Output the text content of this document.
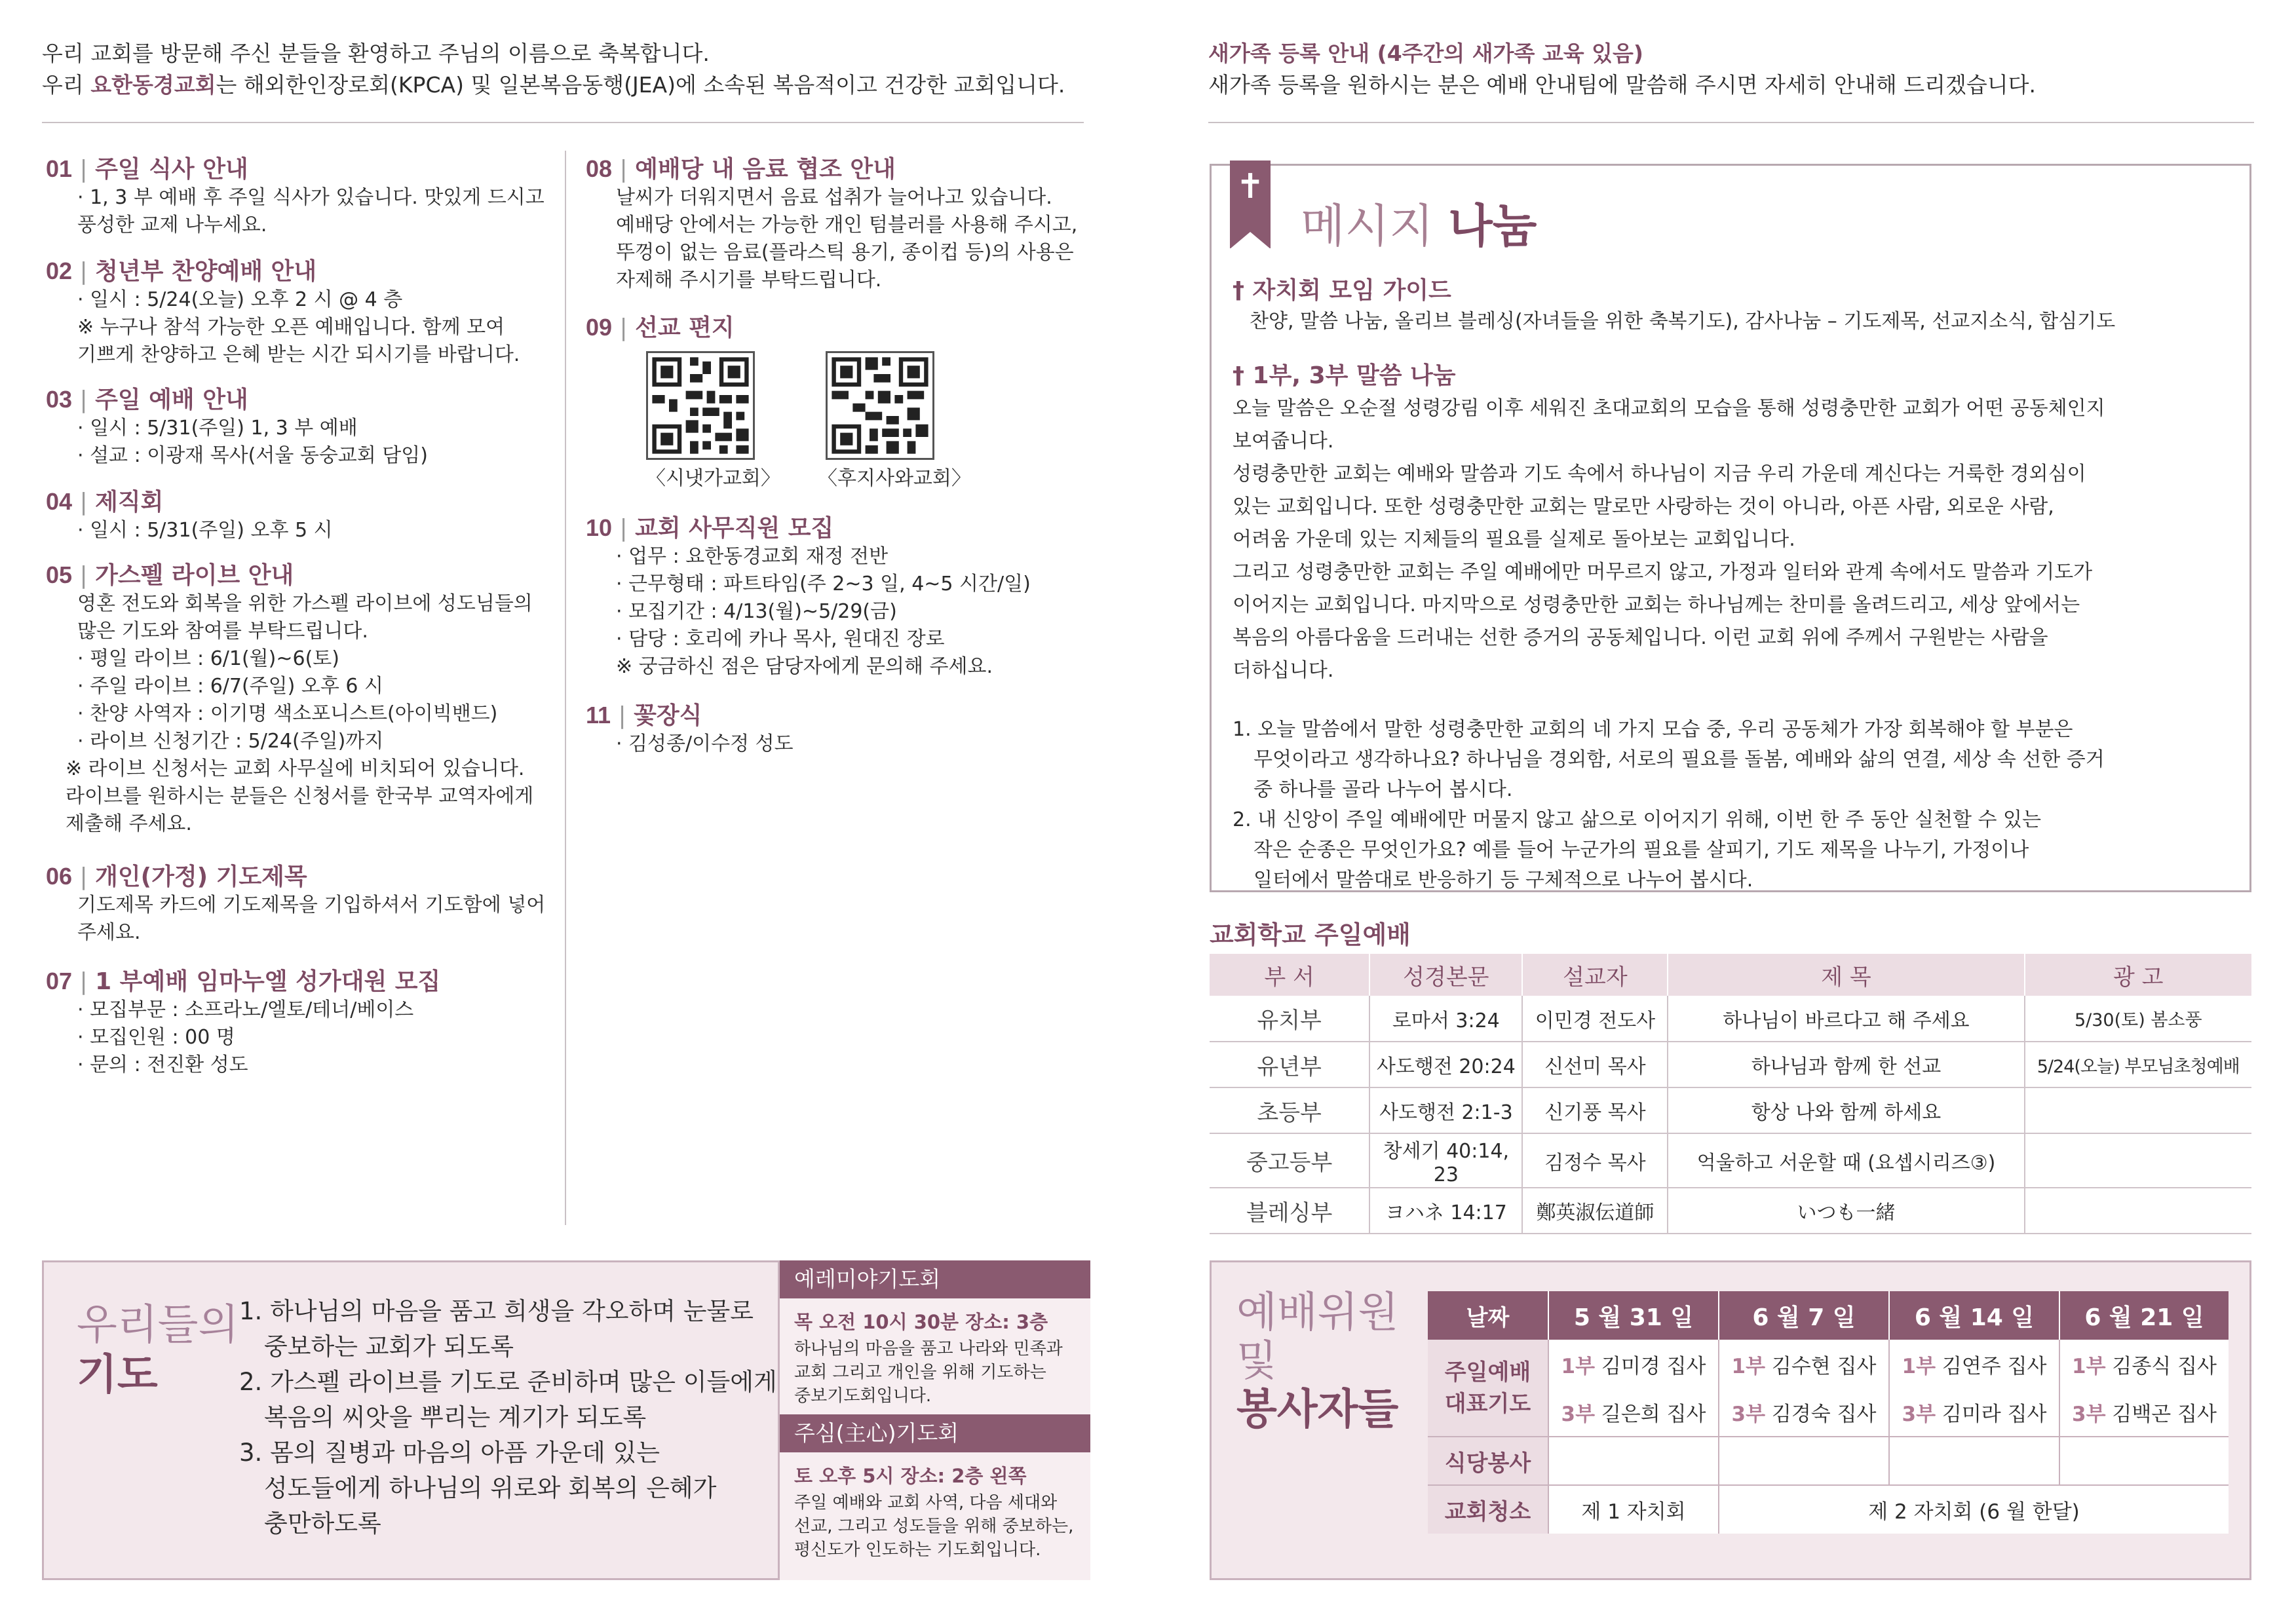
우리 교회를 방문해 주신 분들을 환영하고 주님의 이름으로 축복합니다.
우리 요한동경교회는 해외한인장로회(KPCA) 및 일본복음동행(JEA)에 소속된 복음적이고 건강한 교회입니다.
새가족 등록 안내 (4주간의 새가족 교육 있음)
새가족 등록을 원하시는 분은 예배 안내팀에 말씀해 주시면 자세히 안내해 드리겠습니다.
01 | 주일 식사 안내
· 1, 3 부 예배 후 주일 식사가 있습니다. 맛있게 드시고
풍성한 교제 나누세요.
02 | 청년부 찬양예배 안내
· 일시 : 5/24(오늘) 오후 2 시 @ 4 층
※ 누구나 참석 가능한 오픈 예배입니다. 함께 모여
기쁘게 찬양하고 은혜 받는 시간 되시기를 바랍니다.
03 | 주일 예배 안내
· 일시 : 5/31(주일) 1, 3 부 예배
· 설교 : 이광재 목사(서울 동숭교회 담임)
04 | 제직회
· 일시 : 5/31(주일) 오후 5 시
05 | 가스펠 라이브 안내
영혼 전도와 회복을 위한 가스펠 라이브에 성도님들의
많은 기도와 참여를 부탁드립니다.
· 평일 라이브 : 6/1(월)~6(토)
· 주일 라이브 : 6/7(주일) 오후 6 시
· 찬양 사역자 : 이기명 색소포니스트(아이빅밴드)
· 라이브 신청기간 : 5/24(주일)까지
※ 라이브 신청서는 교회 사무실에 비치되어 있습니다.
라이브를 원하시는 분들은 신청서를 한국부 교역자에게
제출해 주세요.
06 | 개인(가정) 기도제목
기도제목 카드에 기도제목을 기입하셔서 기도함에 넣어
주세요.
07 | 1 부예배 임마누엘 성가대원 모집
· 모집부문 : 소프라노/엘토/테너/베이스
· 모집인원 : 00 명
· 문의 : 전진환 성도
08 | 예배당 내 음료 협조 안내
날씨가 더워지면서 음료 섭취가 늘어나고 있습니다.
예배당 안에서는 가능한 개인 텀블러를 사용해 주시고,
뚜껑이 없는 음료(플라스틱 용기, 종이컵 등)의 사용은
자제해 주시기를 부탁드립니다.
09 | 선교 편지
〈시냇가교회〉 〈후지사와교회〉
10 | 교회 사무직원 모집
· 업무 : 요한동경교회 재정 전반
· 근무형태 : 파트타임(주 2~3 일, 4~5 시간/일)
· 모집기간 : 4/13(월)~5/29(금)
· 담당 : 호리에 카나 목사, 원대진 장로
※ 궁금하신 점은 담당자에게 문의해 주세요.
11 | 꽃장식
· 김성종/이수정 성도
✝
메시지 나눔
† 자치회 모임 가이드
찬양, 말씀 나눔, 올리브 블레싱(자녀들을 위한 축복기도), 감사나눔 – 기도제목, 선교지소식, 합심기도
† 1부, 3부 말씀 나눔
오늘 말씀은 오순절 성령강림 이후 세워진 초대교회의 모습을 통해 성령충만한 교회가 어떤 공동체인지
보여줍니다.
성령충만한 교회는 예배와 말씀과 기도 속에서 하나님이 지금 우리 가운데 계신다는 거룩한 경외심이
있는 교회입니다. 또한 성령충만한 교회는 말로만 사랑하는 것이 아니라, 아픈 사람, 외로운 사람,
어려움 가운데 있는 지체들의 필요를 실제로 돌아보는 교회입니다.
그리고 성령충만한 교회는 주일 예배에만 머무르지 않고, 가정과 일터와 관계 속에서도 말씀과 기도가
이어지는 교회입니다. 마지막으로 성령충만한 교회는 하나님께는 찬미를 올려드리고, 세상 앞에서는
복음의 아름다움을 드러내는 선한 증거의 공동체입니다. 이런 교회 위에 주께서 구원받는 사람을
더하십니다.
1. 오늘 말씀에서 말한 성령충만한 교회의 네 가지 모습 중, 우리 공동체가 가장 회복해야 할 부분은
무엇이라고 생각하나요? 하나님을 경외함, 서로의 필요를 돌봄, 예배와 삶의 연결, 세상 속 선한 증거
중 하나를 골라 나누어 봅시다.
2. 내 신앙이 주일 예배에만 머물지 않고 삶으로 이어지기 위해, 이번 한 주 동안 실천할 수 있는
작은 순종은 무엇인가요? 예를 들어 누군가의 필요를 살피기, 기도 제목을 나누기, 가정이나
일터에서 말씀대로 반응하기 등 구체적으로 나누어 봅시다.
교회학교 주일예배
부 서	성경본문	설교자	제 목	광 고
유치부	로마서 3:24	이민경 전도사	하나님이 바르다고 해 주세요	5/30(토) 봄소풍
유년부	사도행전 20:24	신선미 목사	하나님과 함께 한 선교	5/24(오늘) 부모님초청예배
초등부	사도행전 2:1-3	신기풍 목사	항상 나와 함께 하세요	
중고등부	창세기 40:14, 23	김정수 목사	억울하고 서운할 때 (요셉시리즈③)	
블레싱부	ヨハネ 14:17	鄭英淑伝道師	いつも一緒	
우리들의
기도
1. 하나님의 마음을 품고 희생을 각오하며 눈물로
중보하는 교회가 되도록
2. 가스펠 라이브를 기도로 준비하며 많은 이들에게
복음의 씨앗을 뿌리는 계기가 되도록
3. 몸의 질병과 마음의 아픔 가운데 있는
성도들에게 하나님의 위로와 회복의 은혜가
충만하도록
예레미야기도회
목 오전 10시 30분 장소: 3층
하나님의 마음을 품고 나라와 민족과
교회 그리고 개인을 위해 기도하는
중보기도회입니다.
주심(主心)기도회
토 오후 5시 장소: 2층 왼쪽
주일 예배와 교회 사역, 다음 세대와
선교, 그리고 성도들을 위해 중보하는,
평신도가 인도하는 기도회입니다.
예배위원
및
봉사자들
날짜	5 월 31 일	6 월 7 일	6 월 14 일	6 월 21 일

주일예배
대표기도	1부 김미경 집사	1부 김수현 집사	1부 김연주 집사	1부 김종식 집사
	3부 길은희 집사	3부 김경숙 집사	3부 김미라 집사	3부 김백곤 집사
식당봉사				
교회청소	제 1 자치회	제 2 자치회 (6 월 한달)		
